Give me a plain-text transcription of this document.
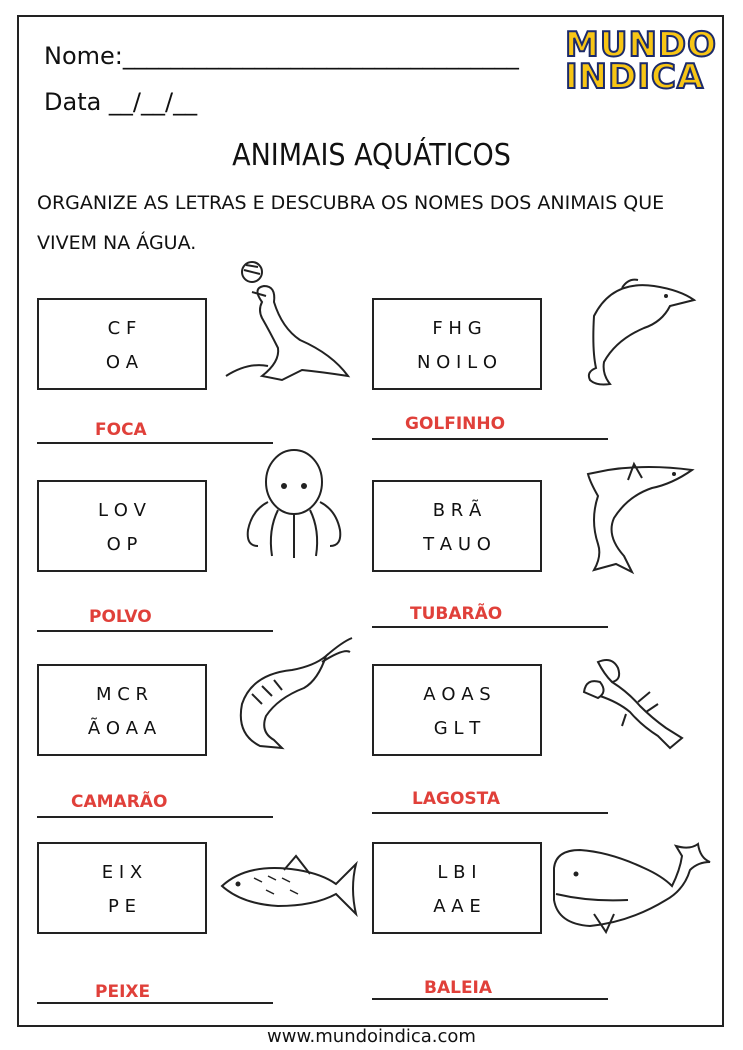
Nome:_________________________________
Data __/__/__
MUNDO
INDICA
ANIMAIS AQUÁTICOS
ORGANIZE AS LETRAS E DESCUBRA OS NOMES DOS ANIMAIS QUE VIVEM NA ÁGUA.
C F
O A
FOCA
F H G
N O I L O
GOLFINHO
L O V
O P
POLVO
B R Ã
T A U O
TUBARÃO
M C R
Ã O A A
CAMARÃO
A O A S
G L T
LAGOSTA
E I X
P E
PEIXE
L B I
A A E
BALEIA
www.mundoindica.com
